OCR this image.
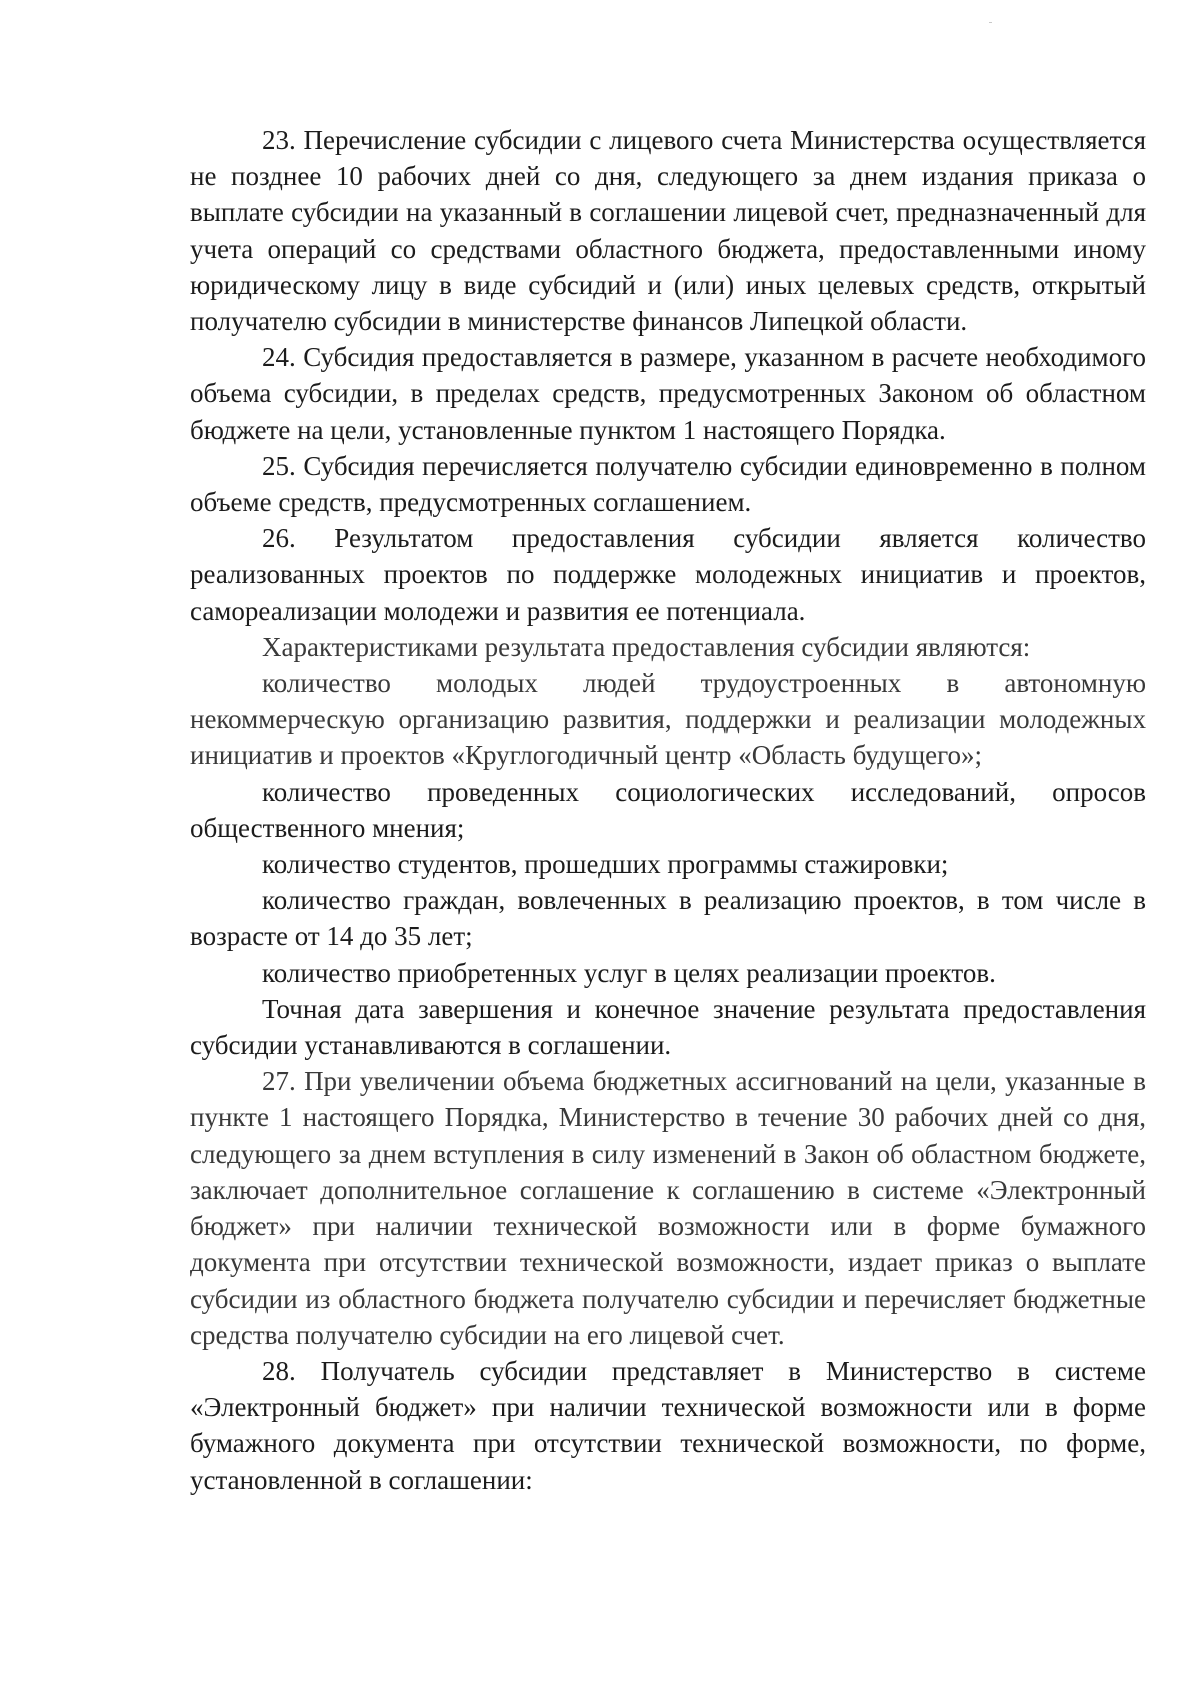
23. Перечисление субсидии с лицевого счета Министерства осуществляется не позднее 10 рабочих дней со дня, следующего за днем издания приказа о выплате субсидии на указанный в соглашении лицевой счет, предназначенный для учета операций со средствами областного бюджета, предоставленными иному юридическому лицу в виде субсидий и (или) иных целевых средств, открытый получателю субсидии в министерстве финансов Липецкой области.

24. Субсидия предоставляется в размере, указанном в расчете необходимого объема субсидии, в пределах средств, предусмотренных Законом об областном бюджете на цели, установленные пунктом 1 настоящего Порядка.

25. Субсидия перечисляется получателю субсидии единовременно в полном объеме средств, предусмотренных соглашением.

26. Результатом предоставления субсидии является количество реализованных проектов по поддержке молодежных инициатив и проектов, самореализации молодежи и развития ее потенциала.

Характеристиками результата предоставления субсидии являются:

количество молодых людей трудоустроенных в автономную некоммерческую организацию развития, поддержки и реализации молодежных инициатив и проектов «Круглогодичный центр «Область будущего»;

количество проведенных социологических исследований, опросов общественного мнения;

количество студентов, прошедших программы стажировки;

количество граждан, вовлеченных в реализацию проектов, в том числе в возрасте от 14 до 35 лет;

количество приобретенных услуг в целях реализации проектов.

Точная дата завершения и конечное значение результата предоставления субсидии устанавливаются в соглашении.

27. При увеличении объема бюджетных ассигнований на цели, указанные в пункте 1 настоящего Порядка, Министерство в течение 30 рабочих дней со дня, следующего за днем вступления в силу изменений в Закон об областном бюджете, заключает дополнительное соглашение к соглашению в системе «Электронный бюджет» при наличии технической возможности или в форме бумажного документа при отсутствии технической возможности, издает приказ о выплате субсидии из областного бюджета получателю субсидии и перечисляет бюджетные средства получателю субсидии на его лицевой счет.

28. Получатель субсидии представляет в Министерство в системе «Электронный бюджет» при наличии технической возможности или в форме бумажного документа при отсутствии технической возможности, по форме, установленной в соглашении:
